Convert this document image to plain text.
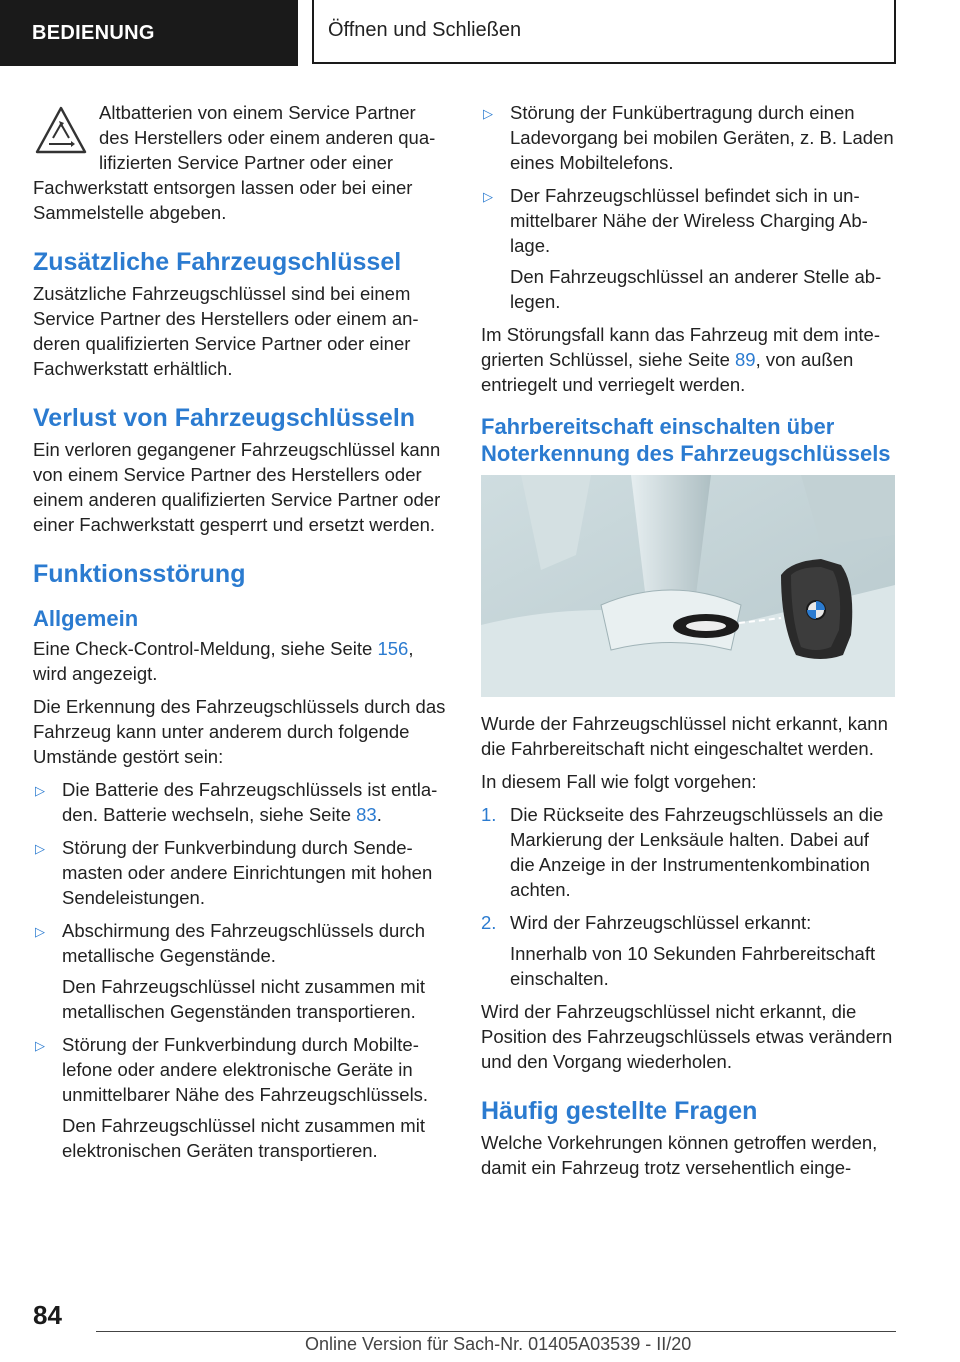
BEDIENUNG	Öffnen und Schließen

Altbatterien von einem Service Partner des Herstellers oder einem anderen qualifizierten Service Partner oder einer Fachwerkstatt entsorgen lassen oder bei einer Sammelstelle abgeben.

Zusätzliche Fahrzeugschlüssel

Zusätzliche Fahrzeugschlüssel sind bei einem Service Partner des Herstellers oder einem anderen qualifizierten Service Partner oder einer Fachwerkstatt erhältlich.

Verlust von Fahrzeugschlüsseln

Ein verloren gegangener Fahrzeugschlüssel kann von einem Service Partner des Herstellers oder einem anderen qualifizierten Service Partner oder einer Fachwerkstatt gesperrt und ersetzt werden.

Funktionsstörung
Allgemein

Eine Check-Control-Meldung, siehe Seite 156, wird angezeigt.

Die Erkennung des Fahrzeugschlüssels durch das Fahrzeug kann unter anderem durch folgende Umstände gestört sein:

▷ Die Batterie des Fahrzeugschlüssels ist entladen. Batterie wechseln, siehe Seite 83.

▷ Störung der Funkverbindung durch Sendemasten oder andere Einrichtungen mit hohen Sendeleistungen.

▷ Abschirmung des Fahrzeugschlüssels durch metallische Gegenstände.

Den Fahrzeugschlüssel nicht zusammen mit metallischen Gegenständen transportieren.

▷ Störung der Funkverbindung durch Mobiltelefone oder andere elektronische Geräte in unmittelbarer Nähe des Fahrzeugschlüssels.

Den Fahrzeugschlüssel nicht zusammen mit elektronischen Geräten transportieren.

▷ Störung der Funkübertragung durch einen Ladevorgang bei mobilen Geräten, z. B. Laden eines Mobiltelefons.

▷ Der Fahrzeugschlüssel befindet sich in unmittelbarer Nähe der Wireless Charging Ablage.

Den Fahrzeugschlüssel an anderer Stelle ablegen.

Im Störungsfall kann das Fahrzeug mit dem integrierten Schlüssel, siehe Seite 89, von außen entriegelt und verriegelt werden.

Fahrbereitschaft einschalten über Noterkennung des Fahrzeugschlüssels

Wurde der Fahrzeugschlüssel nicht erkannt, kann die Fahrbereitschaft nicht eingeschaltet werden.

In diesem Fall wie folgt vorgehen:

1. Die Rückseite des Fahrzeugschlüssels an die Markierung der Lenksäule halten. Dabei auf die Anzeige in der Instrumentenkombination achten.

2. Wird der Fahrzeugschlüssel erkannt:

Innerhalb von 10 Sekunden Fahrbereitschaft einschalten.

Wird der Fahrzeugschlüssel nicht erkannt, die Position des Fahrzeugschlüssels etwas verändern und den Vorgang wiederholen.

Häufig gestellte Fragen

Welche Vorkehrungen können getroffen werden, damit ein Fahrzeug trotz versehentlich einge-

84
Online Version für Sach-Nr. 01405A03539 - II/20
